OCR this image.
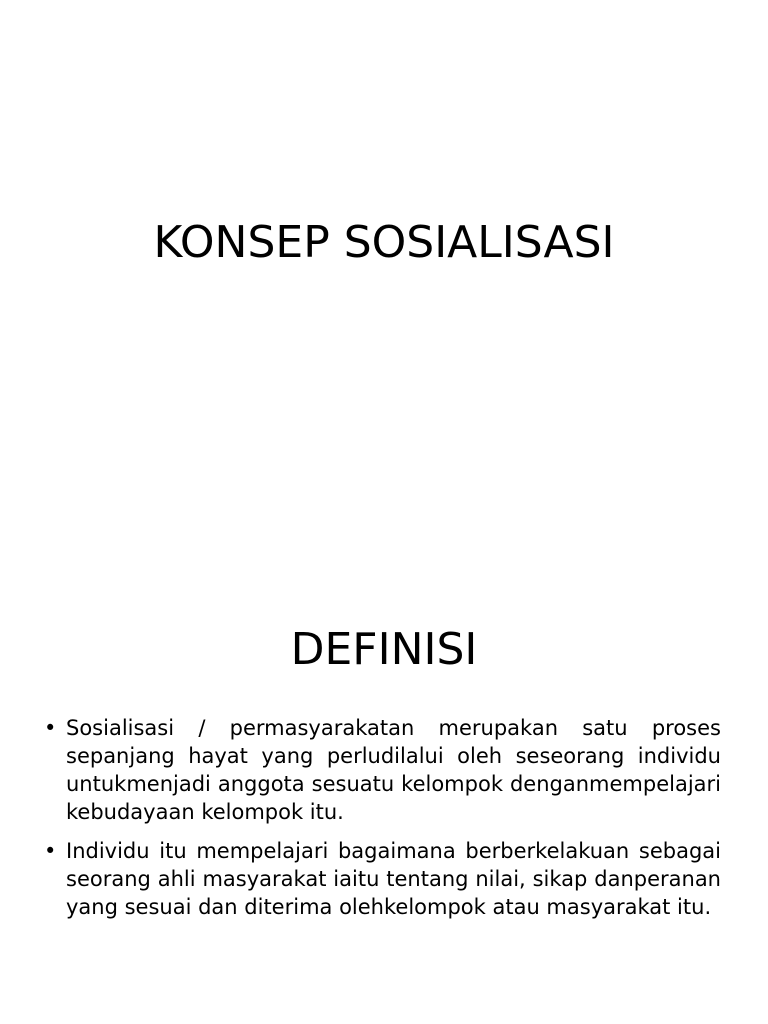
KONSEP SOSIALISASI
DEFINISI
• Sosialisasi / permasyarakatan merupakan satu proses sepanjang hayat yang perludilalui oleh seseorang individu untukmenjadi anggota sesuatu kelompok denganmempelajari kebudayaan kelompok itu.
• Individu itu mempelajari bagaimana berberkelakuan sebagai seorang ahli masyarakat iaitu tentang nilai, sikap danperanan yang sesuai dan diterima olehkelompok atau masyarakat itu.
